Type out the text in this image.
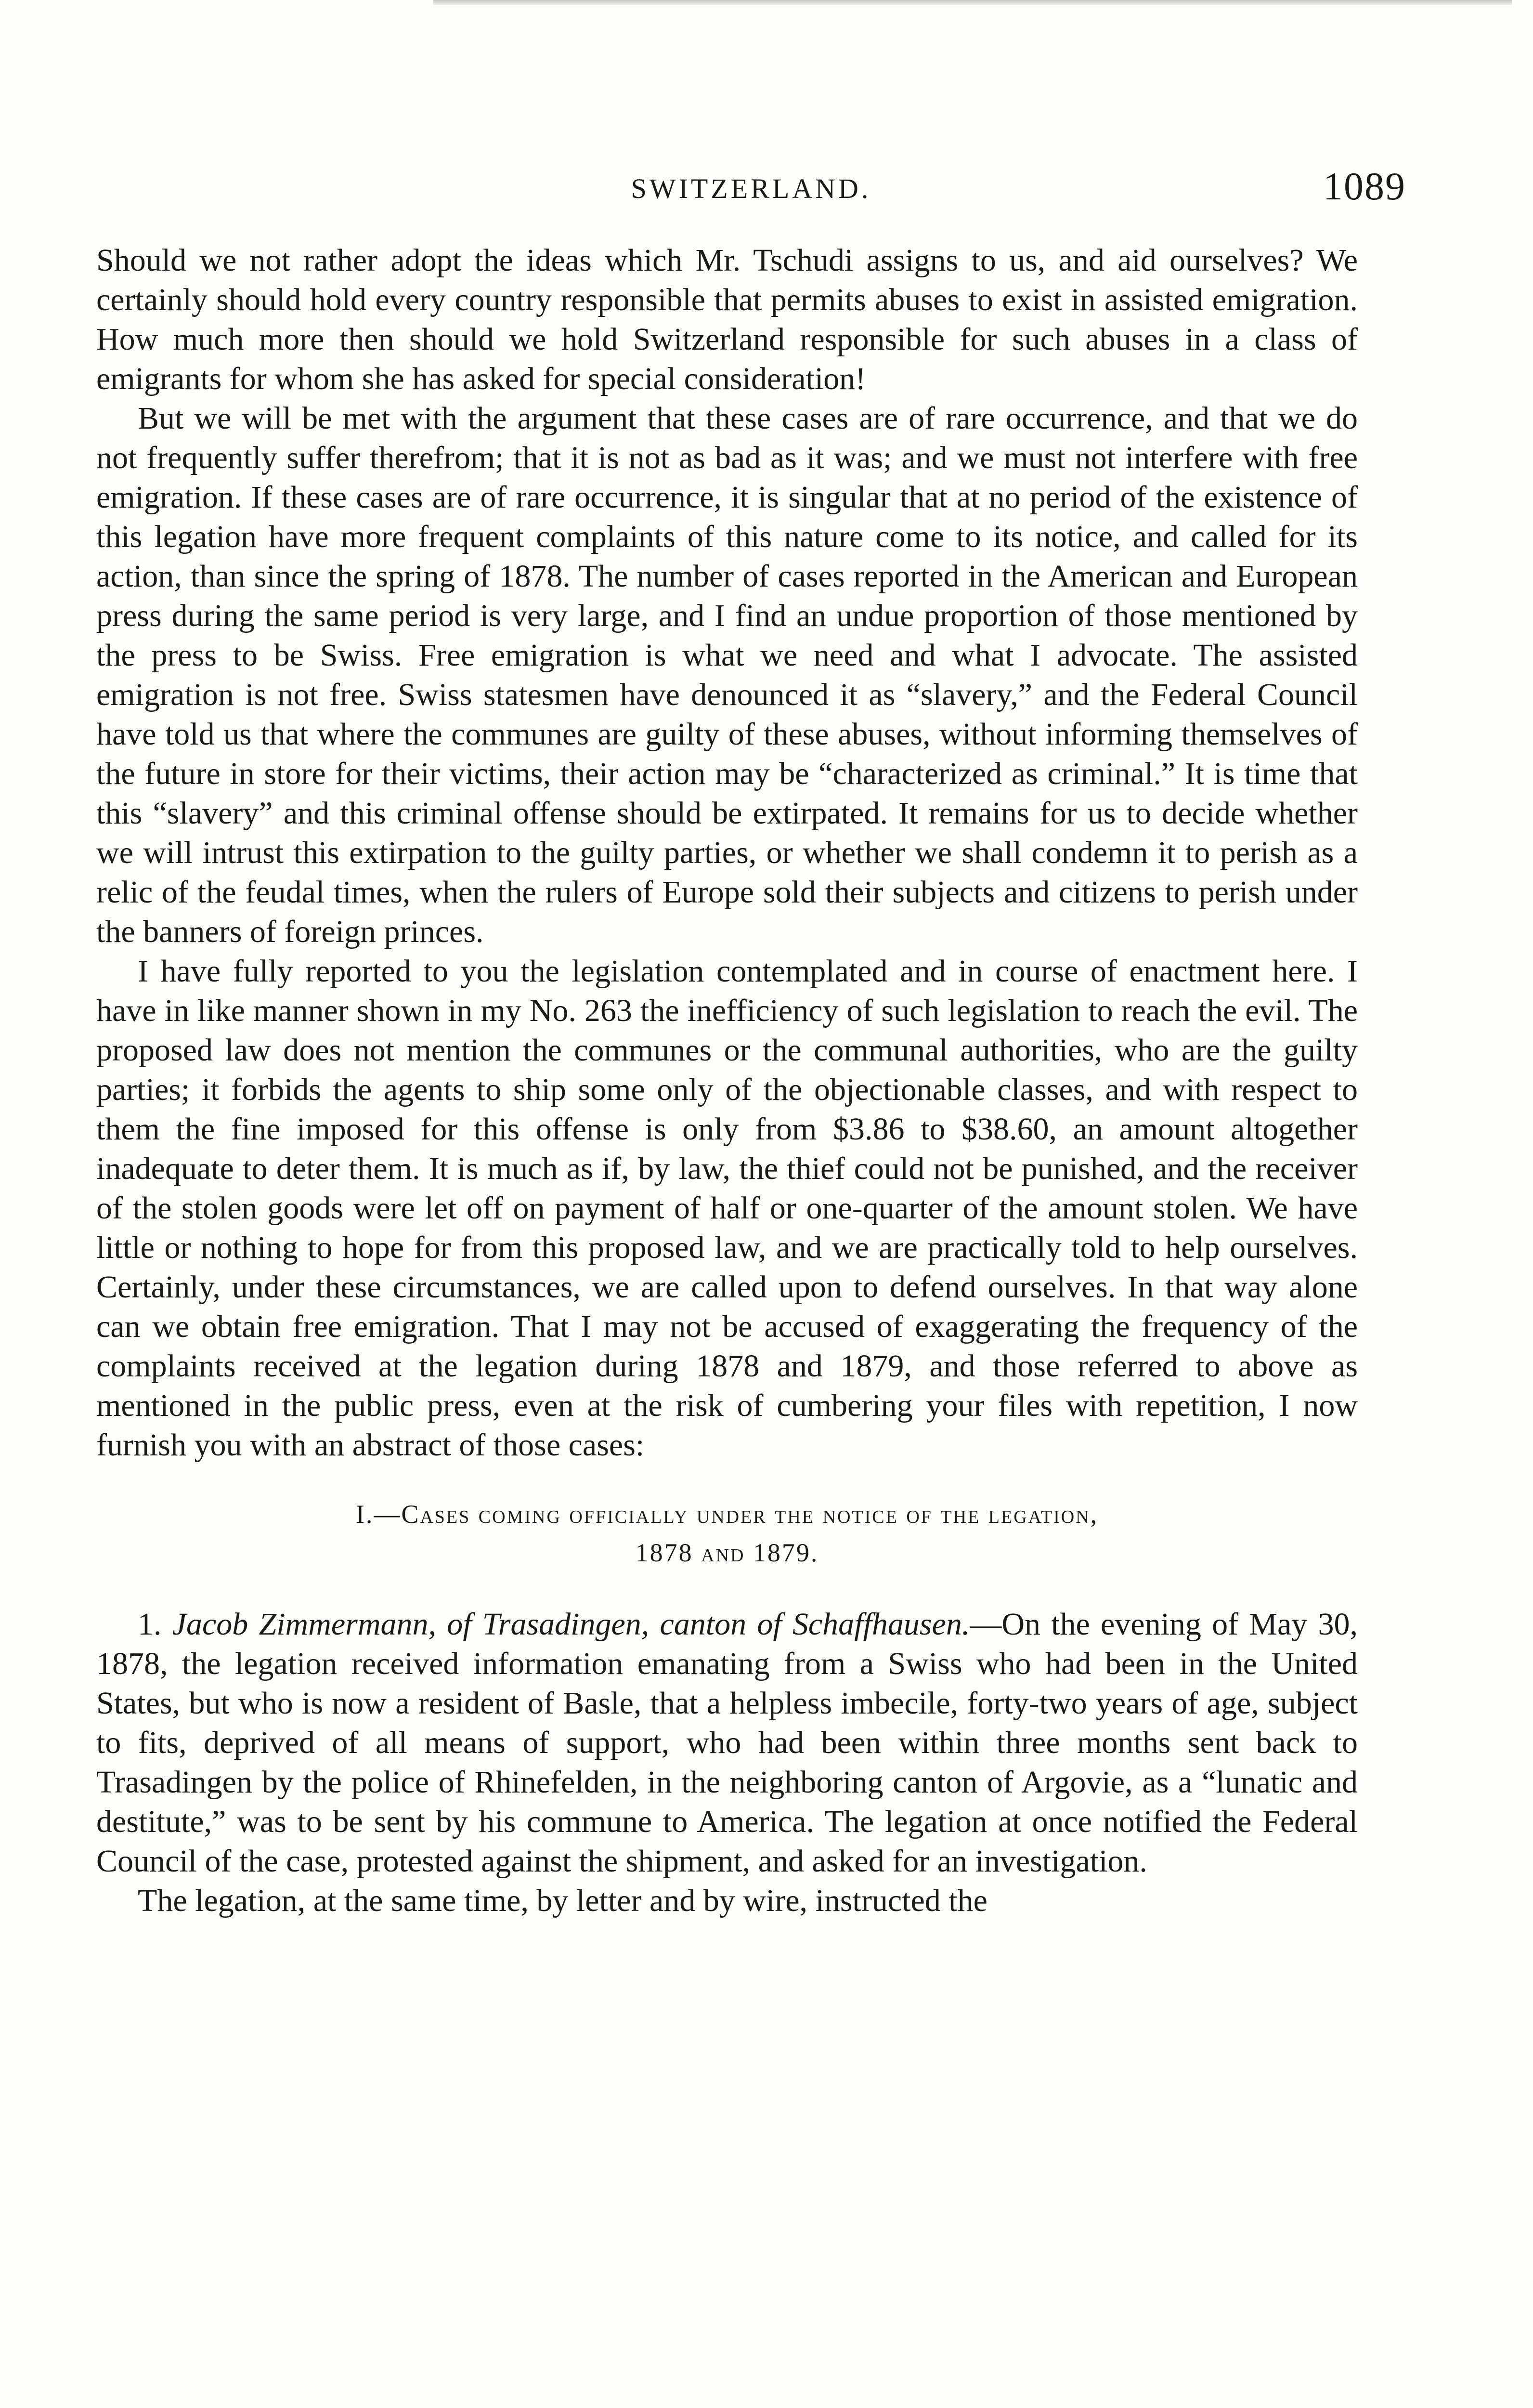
SWITZERLAND.	1089

Should we not rather adopt the ideas which Mr. Tschudi assigns to us, and aid ourselves? We certainly should hold every country responsible that permits abuses to exist in assisted emigration. How much more then should we hold Switzerland responsible for such abuses in a class of emigrants for whom she has asked for special consideration!

But we will be met with the argument that these cases are of rare occurrence, and that we do not frequently suffer therefrom; that it is not as bad as it was; and we must not interfere with free emigration. If these cases are of rare occurrence, it is singular that at no period of the existence of this legation have more frequent complaints of this nature come to its notice, and called for its action, than since the spring of 1878. The number of cases reported in the American and European press during the same period is very large, and I find an undue proportion of those mentioned by the press to be Swiss. Free emigration is what we need and what I advocate. The assisted emigration is not free. Swiss statesmen have denounced it as “slavery,” and the Federal Council have told us that where the communes are guilty of these abuses, without informing themselves of the future in store for their victims, their action may be “characterized as criminal.” It is time that this “slavery” and this criminal offense should be extirpated. It remains for us to decide whether we will intrust this extirpation to the guilty parties, or whether we shall condemn it to perish as a relic of the feudal times, when the rulers of Europe sold their subjects and citizens to perish under the banners of foreign princes.

I have fully reported to you the legislation contemplated and in course of enactment here. I have in like manner shown in my No. 263 the inefficiency of such legislation to reach the evil. The proposed law does not mention the communes or the communal authorities, who are the guilty parties; it forbids the agents to ship some only of the objectionable classes, and with respect to them the fine imposed for this offense is only from $3.86 to $38.60, an amount altogether inadequate to deter them. It is much as if, by law, the thief could not be punished, and the receiver of the stolen goods were let off on payment of half or one-quarter of the amount stolen. We have little or nothing to hope for from this proposed law, and we are practically told to help ourselves. Certainly, under these circumstances, we are called upon to defend ourselves. In that way alone can we obtain free emigration. That I may not be accused of exaggerating the frequency of the complaints received at the legation during 1878 and 1879, and those referred to above as mentioned in the public press, even at the risk of cumbering your files with repetition, I now furnish you with an abstract of those cases:

I.—Cases coming officially under the notice of the legation,
1878 and 1879.

1. Jacob Zimmermann, of Trasadingen, canton of Schaffhausen.—On the evening of May 30, 1878, the legation received information emanating from a Swiss who had been in the United States, but who is now a resident of Basle, that a helpless imbecile, forty-two years of age, subject to fits, deprived of all means of support, who had been within three months sent back to Trasadingen by the police of Rhinefelden, in the neighboring canton of Argovie, as a “lunatic and destitute,” was to be sent by his commune to America. The legation at once notified the Federal Council of the case, protested against the shipment, and asked for an investigation.

The legation, at the same time, by letter and by wire, instructed the
